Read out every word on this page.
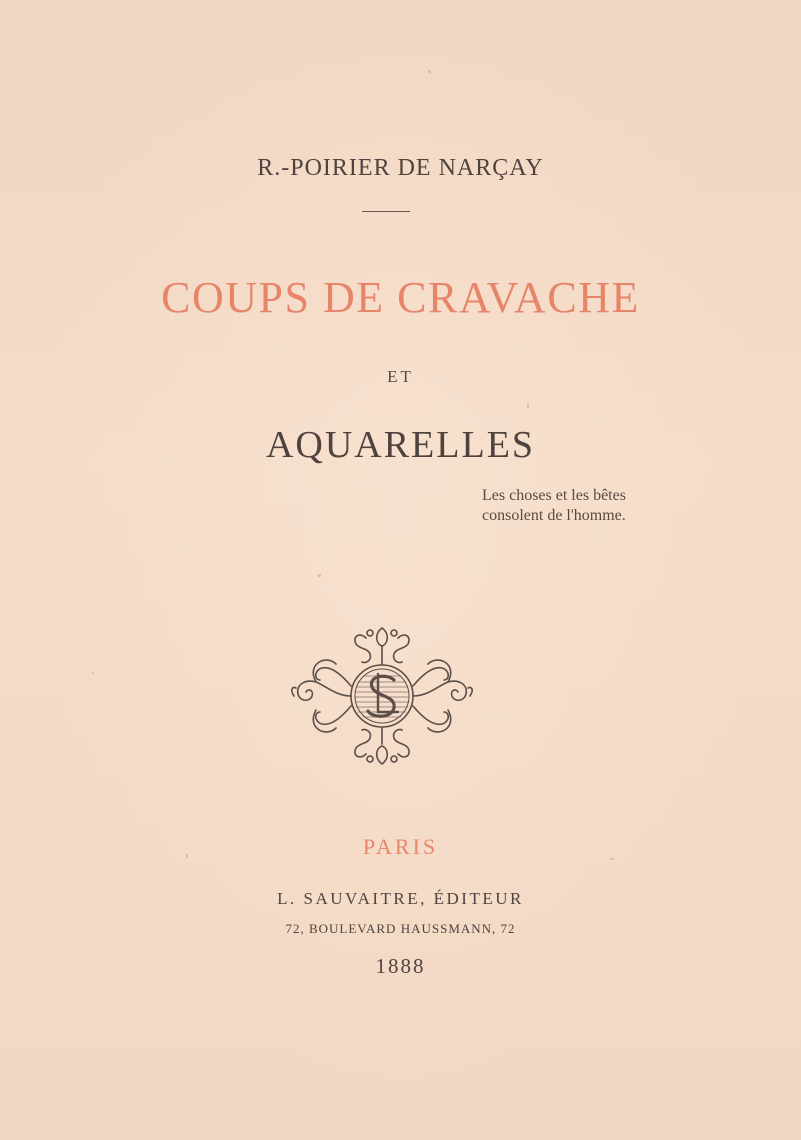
R.-POIRIER DE NARÇAY
COUPS DE CRAVACHE
ET
AQUARELLES
Les choses et les bêtes
consolent de l'homme.
PARIS
L. SAUVAITRE, ÉDITEUR
72, BOULEVARD HAUSSMANN, 72
1888
